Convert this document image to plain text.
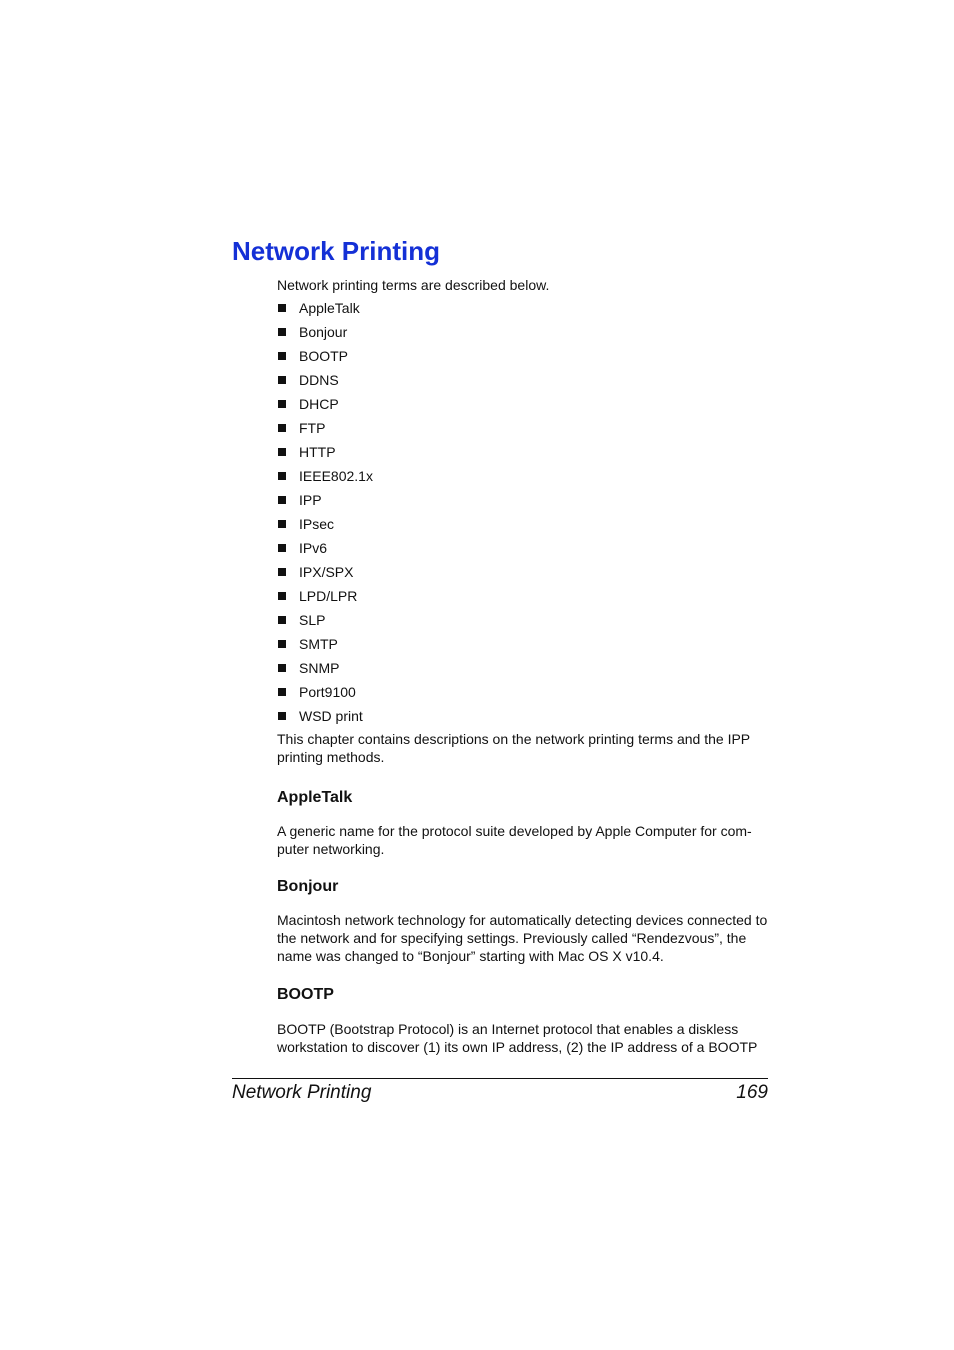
Network Printing

Network printing terms are described below.

AppleTalk
Bonjour
BOOTP
DDNS
DHCP
FTP
HTTP
IEEE802.1x
IPP
IPsec
IPv6
IPX/SPX
LPD/LPR
SLP
SMTP
SNMP
Port9100
WSD print

This chapter contains descriptions on the network printing terms and the IPP printing methods.

AppleTalk

A generic name for the protocol suite developed by Apple Computer for com-puter networking.

Bonjour

Macintosh network technology for automatically detecting devices connected to the network and for specifying settings. Previously called “Rendezvous”, the name was changed to “Bonjour” starting with Mac OS X v10.4.

BOOTP

BOOTP (Bootstrap Protocol) is an Internet protocol that enables a diskless workstation to discover (1) its own IP address, (2) the IP address of a BOOTP

Network Printing	169
